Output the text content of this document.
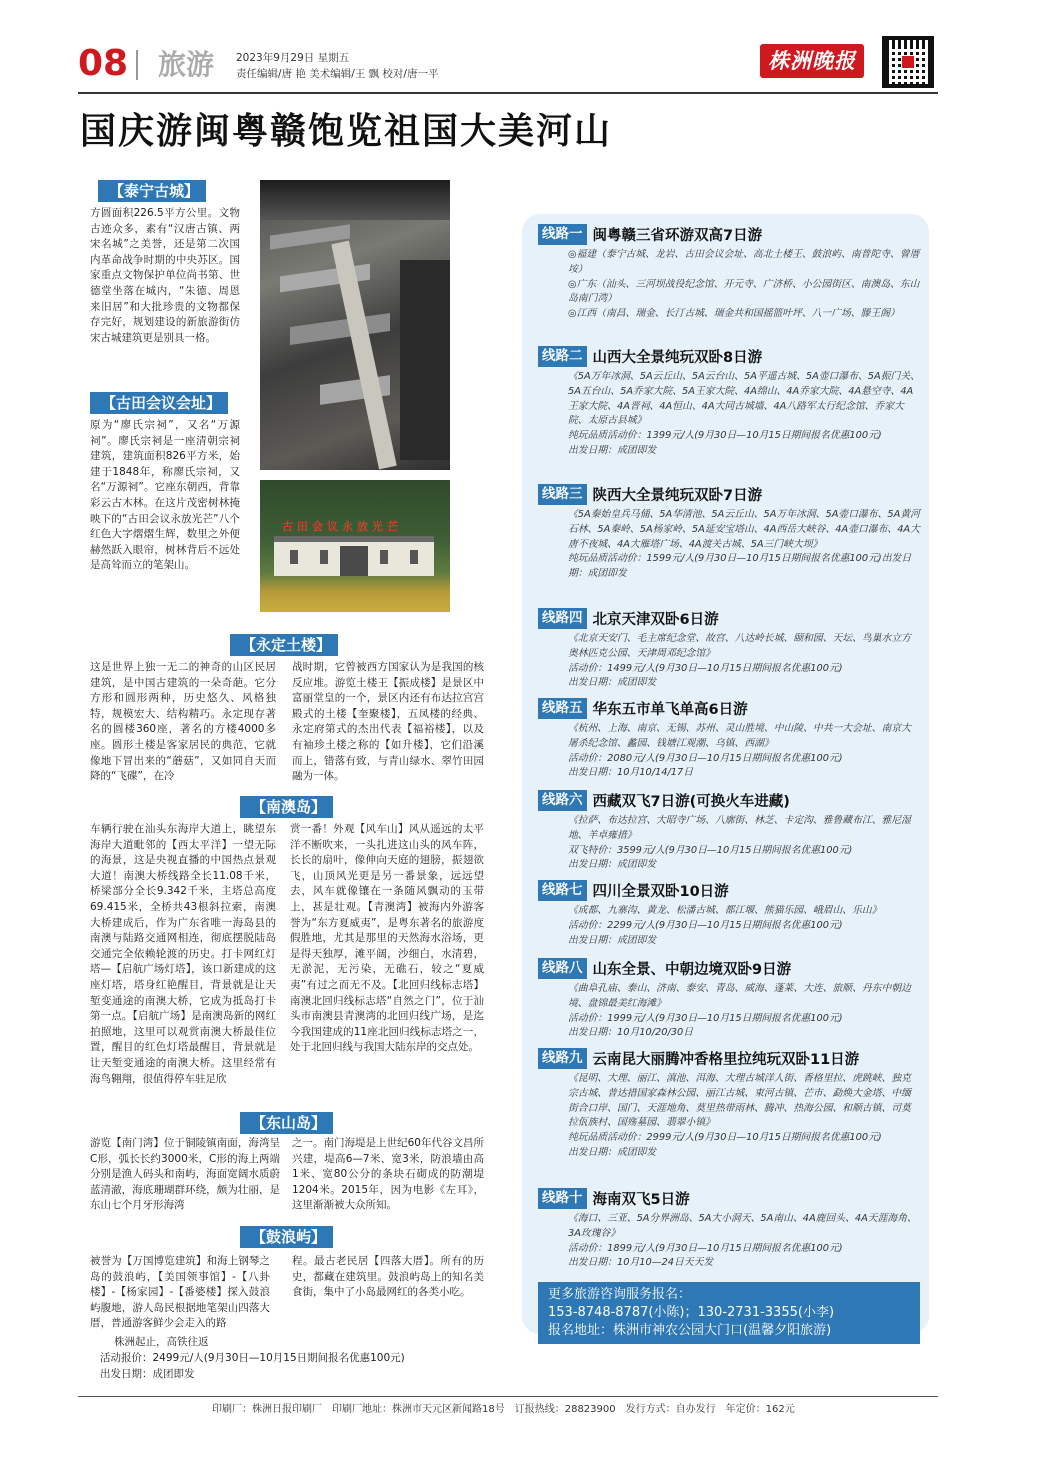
08 旅游 2023年9月29日 星期五
责任编辑/唐 艳 美术编辑/王 飘 校对/唐一平
株洲晚报
国庆游闽粤赣饱览祖国大美河山
【 泰宁古城 】
方圆面积226.5平方公里。文物古迹众多，素有“汉唐古镇、两宋名城”之美誉，还是第二次国内革命战争时期的中央苏区。国家重点文物保护单位尚书第、世德堂坐落在城内，“朱德、周恩来旧居”和大批珍贵的文物都保存完好，规划建设的新旅游街仿宋古城建筑更是别具一格。
【 古田会议会址 】
原为“廖氏宗祠”，又名“万源祠”。廖氏宗祠是一座清朝宗祠建筑，建筑面积826平方米，始建于1848年，称廖氏宗祠，又名“万源祠”。它座东朝西，背靠彩云古木林。在这片茂密树林掩映下的“古田会议永放光芒”八个红色大字熠熠生辉，数里之外便赫然跃入眼帘，树林背后不远处是高耸而立的笔架山。
古田会议永放光芒
【 永定土楼 】
这是世界上独一无二的神奇的山区民居建筑，是中国古建筑的一朵奇葩。它分方形和圆形两种，历史悠久、风格独特，规模宏大、结构精巧。永定现存著名的圆楼360座，著名的方楼4000多座。圆形土楼是客家居民的典范，它就像地下冒出来的“蘑菇”，又如同自天而降的“飞碟”，在冷
战时期，它曾被西方国家认为是我国的核反应堆。游览土楼王【振成楼】是景区中富丽堂皇的一个，景区内还有布达拉宫宫殿式的土楼【奎聚楼】，五凤楼的经典、永定府第式的杰出代表【福裕楼】，以及有袖珍土楼之称的【如升楼】，它们沿溪而上，错落有致，与青山绿水、翠竹田园融为一体。
【 南澳岛 】
车辆行驶在汕头东海岸大道上，眺望东海岸大道毗邻的【西太平洋】一望无际的海景，这是央视直播的中国热点景观大道！南澳大桥线路全长11.08千米，桥梁部分全长9.342千米，主塔总高度69.415米，全桥共43根斜拉索，南澳大桥建成后，作为广东省唯一海岛县的南澳与陆路交通网相连，彻底摆脱陆岛交通完全依赖轮渡的历史。打卡网红灯塔—【启航广场灯塔】，该口新建成的这座灯塔，塔身红艳醒目，背景就是让天堑变通途的南澳大桥，它成为抵岛打卡第一点。【启航广场】是南澳岛新的网红拍照地，这里可以观赏南澳大桥最佳位置，醒目的红色灯塔最醒目，背景就是让天堑变通途的南澳大桥。这里经常有海鸟翱翔，很值得停车驻足欣
赏一番！外观【风车山】风从遥远的太平洋不断吹来，一头扎进这山头的风车阵，长长的扇叶，像伸向天庭的翅膀，振翅欲飞，山顶风光更是另一番景象，远远望去，风车就像镶在一条随风飘动的玉带上，甚是壮观。【青澳湾】被海内外游客誉为“东方夏威夷”，是粤东著名的旅游度假胜地，尤其是那里的天然海水浴场，更是得天独厚，滩平阔，沙细白，水清碧，无淤泥，无污染，无礁石，较之“夏威夷”有过之而无不及。【北回归线标志塔】南澳北回归线标志塔“自然之门”，位于汕头市南澳县青澳湾的北回归线广场，是迄今我国建成的11座北回归线标志塔之一，处于北回归线与我国大陆东岸的交点处。
【 东山岛 】
游览【南门湾】位于铜陵镇南面，海湾呈C形，弧长长约3000米，C形的海上两端分别是渔人码头和南屿，海面宽阔水质蔚蓝清澈，海底珊瑚群环绕，颇为壮丽，是东山七个月牙形海湾
之一。南门海堤是上世纪60年代谷文昌所兴建，堤高6—7米、宽3米，防浪墙由高1米、宽80公分的条块石砌成的防潮堤1204米。2015年，因为电影《左耳》，这里渐渐被大众所知。
【 鼓浪屿 】
被誉为【万国博览建筑】和海上钢琴之岛的鼓浪屿，【美国领事馆】-【八卦楼】-【杨家园】-【番婆楼】探入鼓浪屿腹地，游人岛民根据地笔架山四落大厝，普通游客鲜少会走入的路
程。最古老民居【四落大厝】。所有的历史，都藏在建筑里。鼓浪屿岛上的知名美食街，集中了小岛最网红的各类小吃。
株洲起止，高铁往返
活动报价：2499元/人(9月30日—10月15日期间报名优惠100元)
出发日期：成团即发
线路一 闽粤赣三省环游双高7日游
◎福建（泰宁古城、龙岩、古田会议会址、高北土楼王、鼓浪屿、南普陀寺、曾厝垵）
◎广东（汕头、三河坝战役纪念馆、开元寺、广济桥、小公园街区、南澳岛、东山岛南门湾）
◎江西（南昌、瑞金、长汀古城、瑞金共和国摇篮叶坪、八一广场、滕王阁）
线路二 山西大全景纯玩双卧8日游
《5A万年冰洞、5A云丘山、5A云台山、5A平遥古城、5A壶口瀑布、5A振门关、5A五台山、5A乔家大院、5A王家大院、4A绵山、4A乔家大院、4A悬空寺、4A王家大院、4A晋祠、4A恒山、4A大同古城墙、4A八路军太行纪念馆、乔家大院、太原古县城》
纯玩品质活动价：1399元/人(9月30日—10月15日期间报名优惠100元)
出发日期：成团即发
线路三 陕西大全景纯玩双卧7日游
《5A秦始皇兵马俑、5A华清池、5A云丘山、5A万年冰洞、5A壶口瀑布、5A黄河石林、5A秦岭、5A杨家岭、5A延安宝塔山、4A西岳大峡谷、4A壶口瀑布、4A大唐不夜城、4A大雁塔广场、4A渡关古城、5A三门峡大坝》
纯玩品质活动价：1599元/人(9月30日—10月15日期间报名优惠100元)出发日期：成团即发
线路四 北京天津双卧6日游
《北京天安门、毛主席纪念堂、故宫、八达岭长城、颐和园、天坛、鸟巢水立方奥林匹克公园、天津周邓纪念馆》
活动价：1499元/人(9月30日—10月15日期间报名优惠100元)
出发日期：成团即发
线路五 华东五市单飞单高6日游
《杭州、上海、南京、无锡、苏州、灵山胜境、中山陵、中共一大会址、南京大屠杀纪念馆、蠡园、钱塘江观潮、乌镇、西湖》
活动价：2080元/人(9月30日—10月15日期间报名优惠100元)
出发日期：10月10/14/17日
线路六 西藏双飞7日游(可换火车进藏)
《拉萨、布达拉宫、大昭寺广场、八廓街、林芝、卡定沟、雅鲁藏布江、雅尼湿地、羊卓雍措》
双飞特价：3599元/人(9月30日—10月15日期间报名优惠100元)
出发日期：成团即发
线路七 四川全景双卧10日游
《成都、九寨沟、黄龙、松潘古城、都江堰、熊猫乐园、峨眉山、乐山》
活动价：2299元/人(9月30日—10月15日期间报名优惠100元)
出发日期：成团即发
线路八 山东全景、中朝边境双卧9日游
《曲阜孔庙、泰山、济南、泰安、青岛、威海、蓬莱、大连、旅顺、丹东中朝边境、盘锦最美红海滩》
活动价：1999元/人(9月30日—10月15日期间报名优惠100元)
出发日期：10月10/20/30日
线路九 云南昆大丽腾冲香格里拉纯玩双卧11日游
《昆明、大理、丽江、滇池、洱海、大理古城洋人街、香格里拉、虎跳峡、独克宗古城、普达措国家森林公园、丽江古城、束河古镇、芒市、勐焕大金塔、中缅街合口岸、国门、天涯地角、莫里热带雨林、腾冲、热海公园、和顺古镇、司莫拉佤族村、国殇墓园、翡翠小镇》
纯玩品质活动价：2999元/人(9月30日—10月15日期间报名优惠100元)
出发日期：成团即发
线路十 海南双飞5日游
《海口、三亚、5A分界洲岛、5A大小洞天、5A南山、4A鹿回头、4A天涯海角、3A玫瑰谷》
活动价：1899元/人(9月30日—10月15日期间报名优惠100元)
出发日期：10月10—24日天天发
更多旅游咨询服务报名：
153-8748-8787(小陈)；130-2731-3355(小李)
报名地址：株洲市神农公园大门口(温馨夕阳旅游)
印刷厂：株洲日报印刷厂　印刷厂地址：株洲市天元区新闻路18号　订报热线：28823900　发行方式：自办发行　年定价：162元
